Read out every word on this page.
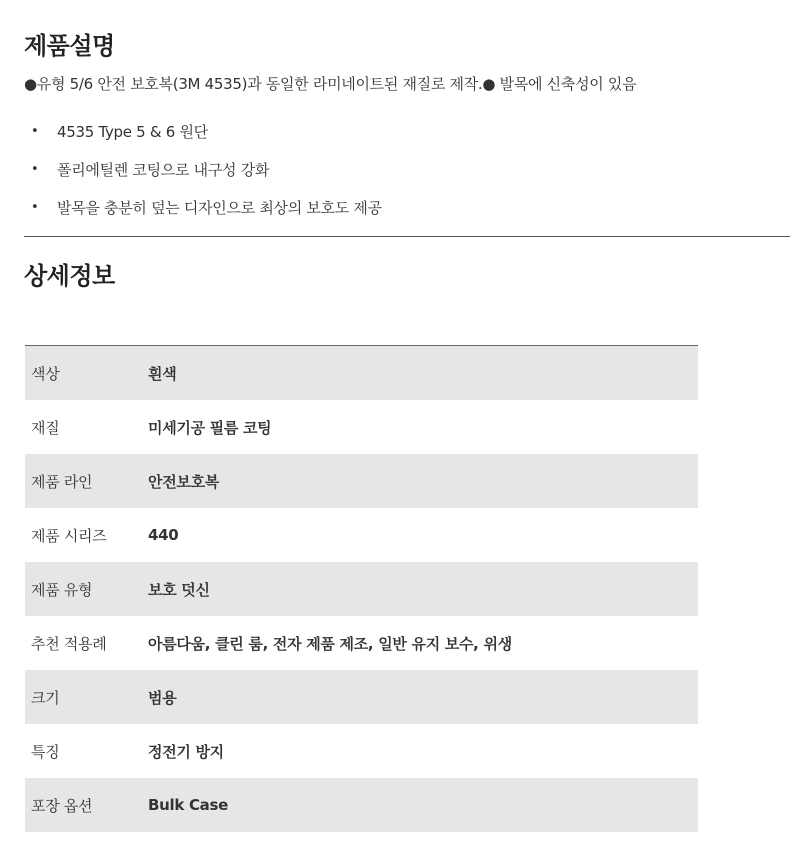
제품설명
●유형 5/6 안전 보호복(3M 4535)과 동일한 라미네이트된 재질로 제작.● 발목에 신축성이 있음
• 4535 Type 5 & 6 원단
• 폴리에틸렌 코팅으로 내구성 강화
• 발목을 충분히 덮는 디자인으로 최상의 보호도 제공
상세정보
색상	흰색
재질	미세기공 필름 코팅
제품 라인	안전보호복
제품 시리즈	440
제품 유형	보호 덧신
추천 적용례	아름다움, 클린 룸, 전자 제품 제조, 일반 유지 보수, 위생
크기	범용
특징	정전기 방지
포장 옵션	Bulk Case
